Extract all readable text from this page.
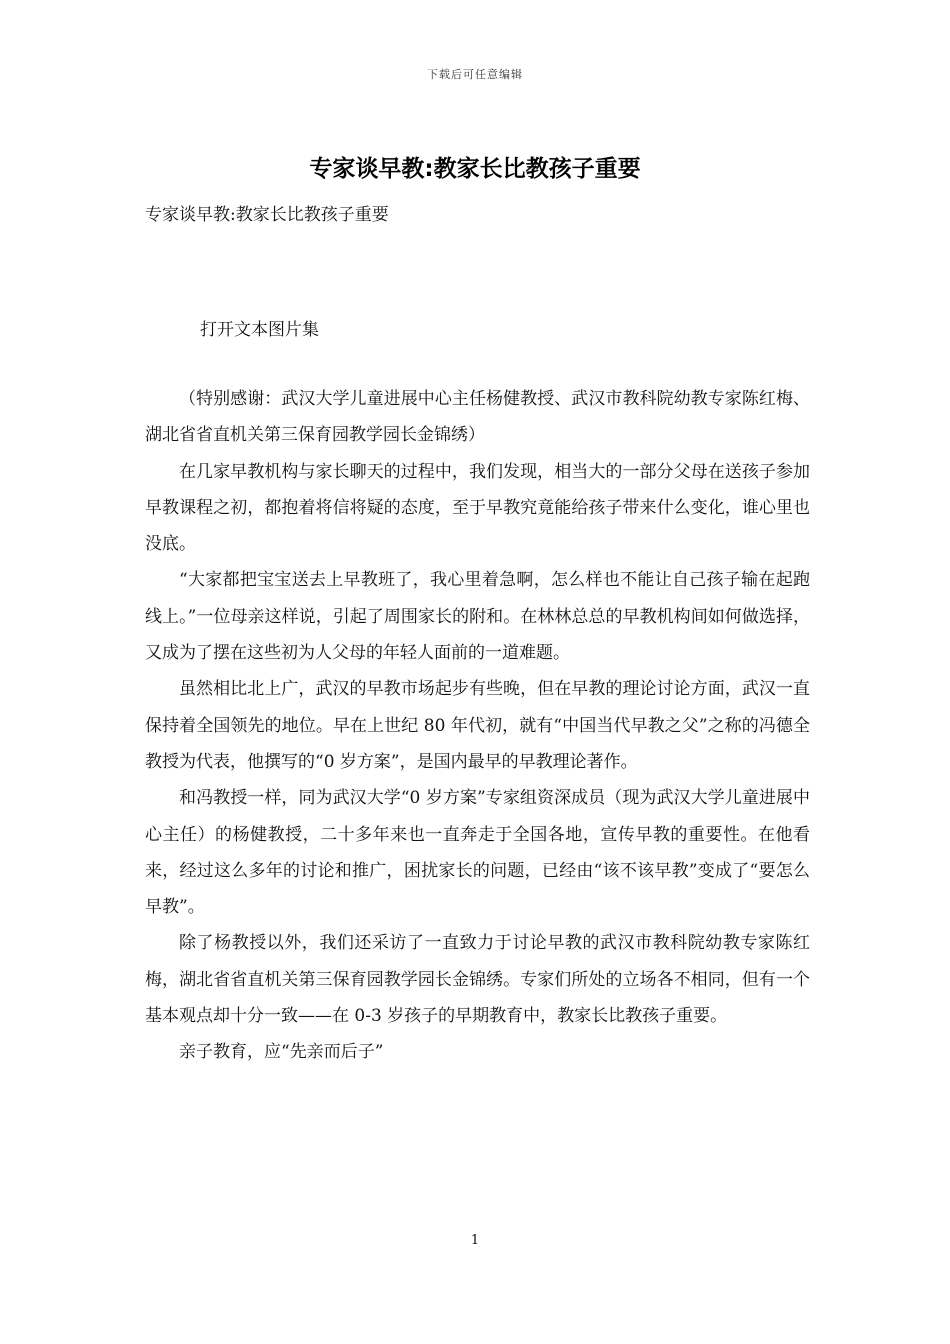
下载后可任意编辑
专家谈早教:教家长比教孩子重要
专家谈早教:教家长比教孩子重要
打开文本图片集

（特别感谢：武汉大学儿童进展中心主任杨健教授、武汉市教科院幼教专家陈红梅、湖北省省直机关第三保育园教学园长金锦绣）

在几家早教机构与家长聊天的过程中，我们发现，相当大的一部分父母在送孩子参加早教课程之初，都抱着将信将疑的态度，至于早教究竟能给孩子带来什么变化，谁心里也没底。

“大家都把宝宝送去上早教班了，我心里着急啊，怎么样也不能让自己孩子输在起跑线上。”一位母亲这样说，引起了周围家长的附和。在林林总总的早教机构间如何做选择，又成为了摆在这些初为人父母的年轻人面前的一道难题。

虽然相比北上广，武汉的早教市场起步有些晚，但在早教的理论讨论方面，武汉一直保持着全国领先的地位。早在上世纪 80 年代初，就有“中国当代早教之父”之称的冯德全教授为代表，他撰写的“0 岁方案”，是国内最早的早教理论著作。

和冯教授一样，同为武汉大学“0 岁方案”专家组资深成员（现为武汉大学儿童进展中心主任）的杨健教授，二十多年来也一直奔走于全国各地，宣传早教的重要性。在他看来，经过这么多年的讨论和推广，困扰家长的问题，已经由“该不该早教”变成了“要怎么早教”。

除了杨教授以外，我们还采访了一直致力于讨论早教的武汉市教科院幼教专家陈红梅，湖北省省直机关第三保育园教学园长金锦绣。专家们所处的立场各不相同，但有一个基本观点却十分一致——在 0-3 岁孩子的早期教育中，教家长比教孩子重要。

亲子教育，应“先亲而后子”

1
